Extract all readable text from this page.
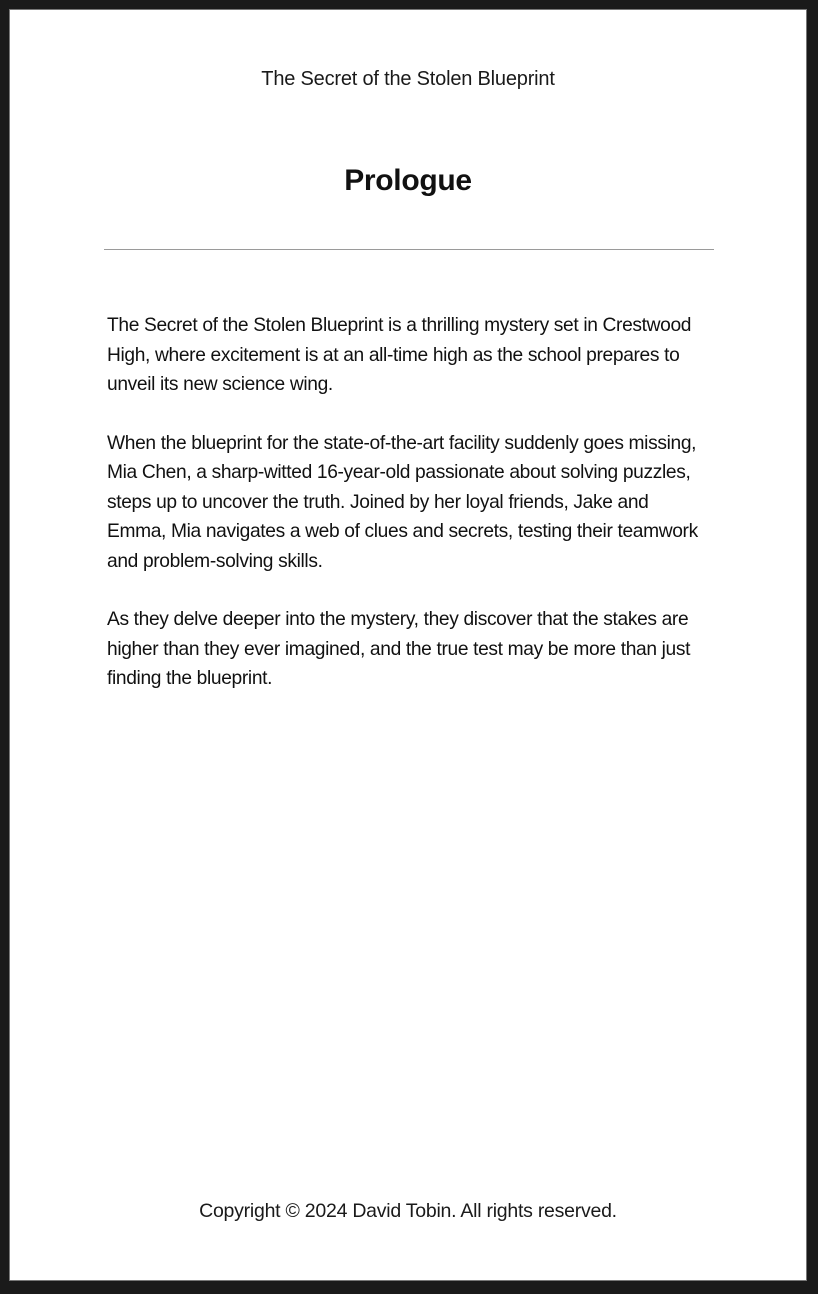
The Secret of the Stolen Blueprint
Prologue

The Secret of the Stolen Blueprint is a thrilling mystery set in Crestwood High, where excitement is at an all-time high as the school prepares to unveil its new science wing.

When the blueprint for the state-of-the-art facility suddenly goes missing, Mia Chen, a sharp-witted 16-year-old passionate about solving puzzles, steps up to uncover the truth. Joined by her loyal friends, Jake and Emma, Mia navigates a web of clues and secrets, testing their teamwork and problem-solving skills.

As they delve deeper into the mystery, they discover that the stakes are higher than they ever imagined, and the true test may be more than just finding the blueprint.

Copyright © 2024 David Tobin. All rights reserved.
